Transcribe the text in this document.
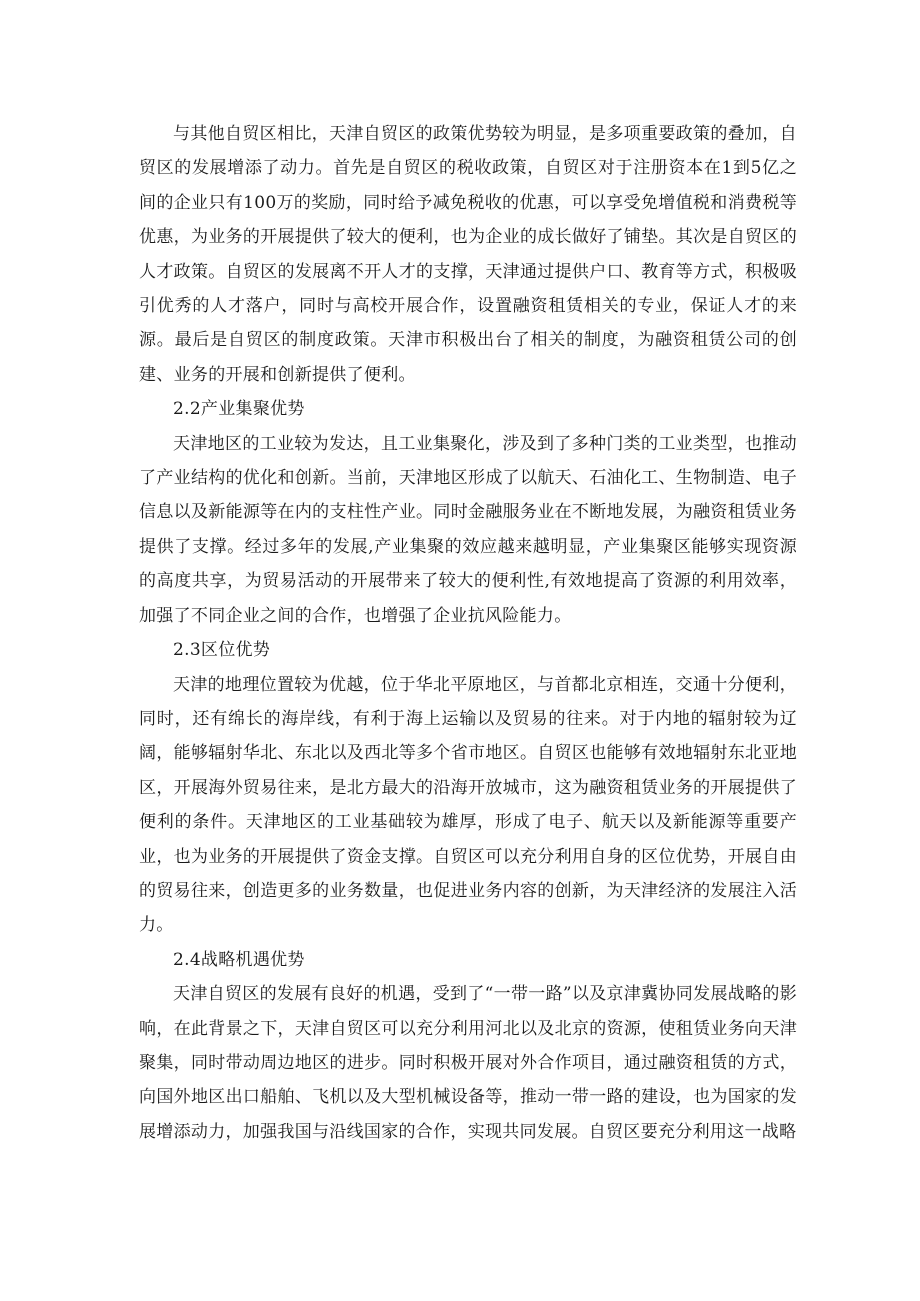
与其他自贸区相比，天津自贸区的政策优势较为明显，是多项重要政策的叠加，自贸区的发展增添了动力。首先是自贸区的税收政策，自贸区对于注册资本在1到5亿之间的企业只有100万的奖励，同时给予减免税收的优惠，可以享受免增值税和消费税等优惠，为业务的开展提供了较大的便利，也为企业的成长做好了铺垫。其次是自贸区的人才政策。自贸区的发展离不开人才的支撑，天津通过提供户口、教育等方式，积极吸引优秀的人才落户，同时与高校开展合作，设置融资租赁相关的专业，保证人才的来源。最后是自贸区的制度政策。天津市积极出台了相关的制度，为融资租赁公司的创建、业务的开展和创新提供了便利。

2.2产业集聚优势

天津地区的工业较为发达，且工业集聚化，涉及到了多种门类的工业类型，也推动了产业结构的优化和创新。当前，天津地区形成了以航天、石油化工、生物制造、电子信息以及新能源等在内的支柱性产业。同时金融服务业在不断地发展，为融资租赁业务提供了支撑。经过多年的发展,产业集聚的效应越来越明显，产业集聚区能够实现资源的高度共享，为贸易活动的开展带来了较大的便利性,有效地提高了资源的利用效率，加强了不同企业之间的合作，也增强了企业抗风险能力。

2.3区位优势

天津的地理位置较为优越，位于华北平原地区，与首都北京相连，交通十分便利，同时，还有绵长的海岸线，有利于海上运输以及贸易的往来。对于内地的辐射较为辽阔，能够辐射华北、东北以及西北等多个省市地区。自贸区也能够有效地辐射东北亚地区，开展海外贸易往来，是北方最大的沿海开放城市，这为融资租赁业务的开展提供了便利的条件。天津地区的工业基础较为雄厚，形成了电子、航天以及新能源等重要产业，也为业务的开展提供了资金支撑。自贸区可以充分利用自身的区位优势，开展自由的贸易往来，创造更多的业务数量，也促进业务内容的创新，为天津经济的发展注入活力。

2.4战略机遇优势

天津自贸区的发展有良好的机遇，受到了“一带一路”以及京津冀协同发展战略的影响，在此背景之下，天津自贸区可以充分利用河北以及北京的资源，使租赁业务向天津聚集，同时带动周边地区的进步。同时积极开展对外合作项目，通过融资租赁的方式，向国外地区出口船舶、飞机以及大型机械设备等，推动一带一路的建设，也为国家的发展增添动力，加强我国与沿线国家的合作，实现共同发展。自贸区要充分利用这一战略
